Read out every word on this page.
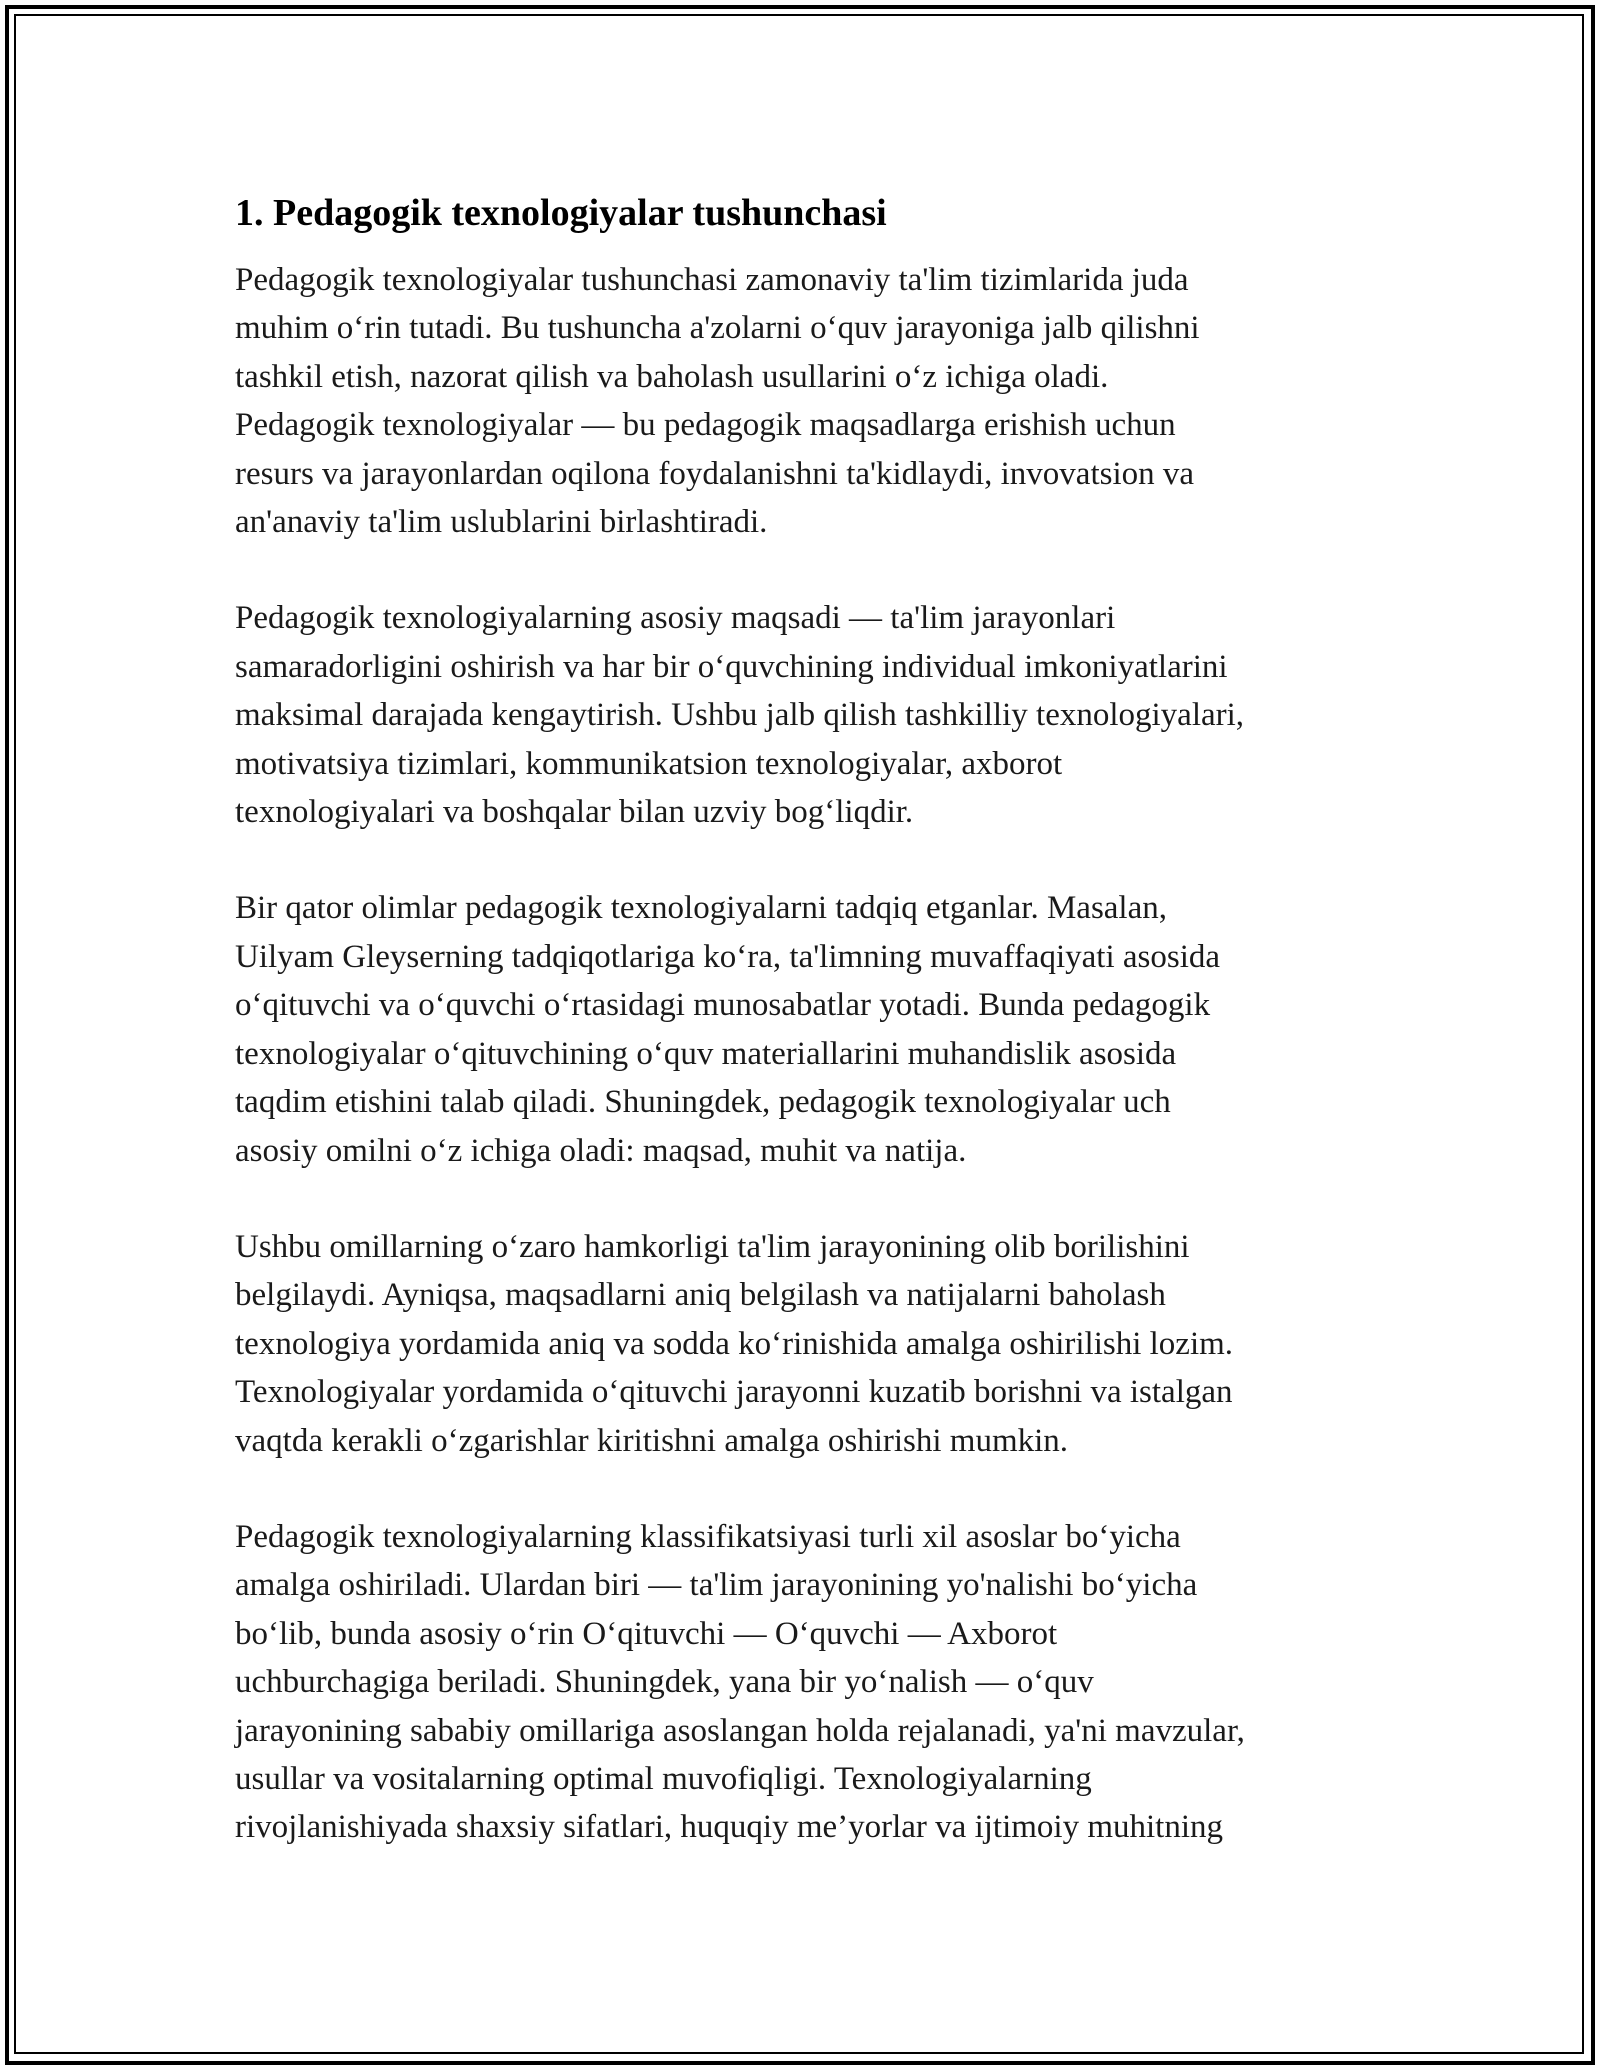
1. Pedagogik texnologiyalar tushunchasi

Pedagogik texnologiyalar tushunchasi zamonaviy ta'lim tizimlarida juda
muhim oʻrin tutadi. Bu tushuncha a'zolarni oʻquv jarayoniga jalb qilishni
tashkil etish, nazorat qilish va baholash usullarini oʻz ichiga oladi.
Pedagogik texnologiyalar — bu pedagogik maqsadlarga erishish uchun
resurs va jarayonlardan oqilona foydalanishni ta'kidlaydi, invovatsion va
an'anaviy ta'lim uslublarini birlashtiradi.

Pedagogik texnologiyalarning asosiy maqsadi — ta'lim jarayonlari
samaradorligini oshirish va har bir oʻquvchining individual imkoniyatlarini
maksimal darajada kengaytirish. Ushbu jalb qilish tashkilliy texnologiyalari,
motivatsiya tizimlari, kommunikatsion texnologiyalar, axborot
texnologiyalari va boshqalar bilan uzviy bogʻliqdir.

Bir qator olimlar pedagogik texnologiyalarni tadqiq etganlar. Masalan,
Uilyam Gleyserning tadqiqotlariga koʻra, ta'limning muvaffaqiyati asosida
oʻqituvchi va oʻquvchi oʻrtasidagi munosabatlar yotadi. Bunda pedagogik
texnologiyalar oʻqituvchining oʻquv materiallarini muhandislik asosida
taqdim etishini talab qiladi. Shuningdek, pedagogik texnologiyalar uch
asosiy omilni oʻz ichiga oladi: maqsad, muhit va natija.

Ushbu omillarning oʻzaro hamkorligi ta'lim jarayonining olib borilishini
belgilaydi. Ayniqsa, maqsadlarni aniq belgilash va natijalarni baholash
texnologiya yordamida aniq va sodda koʻrinishida amalga oshirilishi lozim.
Texnologiyalar yordamida oʻqituvchi jarayonni kuzatib borishni va istalgan
vaqtda kerakli oʻzgarishlar kiritishni amalga oshirishi mumkin.

Pedagogik texnologiyalarning klassifikatsiyasi turli xil asoslar boʻyicha
amalga oshiriladi. Ulardan biri — ta'lim jarayonining yo'nalishi boʻyicha
boʻlib, bunda asosiy oʻrin Oʻqituvchi — Oʻquvchi — Axborot
uchburchagiga beriladi. Shuningdek, yana bir yoʻnalish — oʻquv
jarayonining sababiy omillariga asoslangan holda rejalanadi, ya'ni mavzular,
usullar va vositalarning optimal muvofiqligi. Texnologiyalarning
rivojlanishiyada shaxsiy sifatlari, huquqiy me’yorlar va ijtimoiy muhitning
